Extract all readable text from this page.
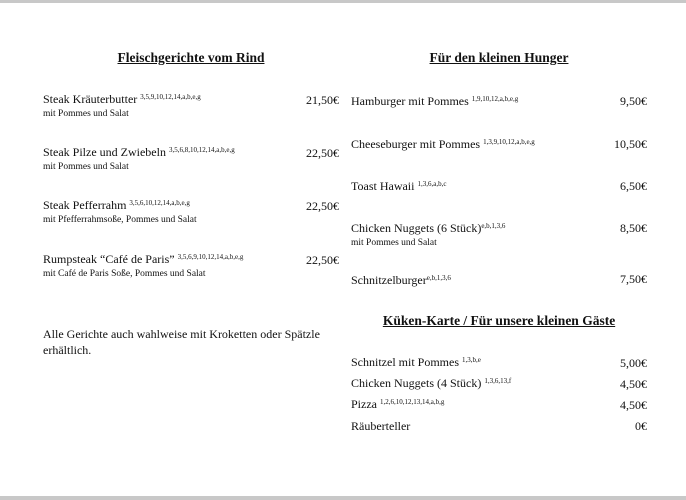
Fleischgerichte vom Rind
Steak Kräuterbutter $^{3,5,9,10,12,14,a,b,e,g}$
mit Pommes und Salat
21,50€
Steak Pilze und Zwiebeln $^{3,5,6,8,10,12,14,a,b,e,g}$
mit Pommes und Salat
22,50€
Steak Pefferrahm $^{3,5,6,10,12,14,a,b,e,g}$
mit Pfefferrahmsoße, Pommes und Salat
22,50€
Rumpsteak “Café de Paris” $^{3,5,6,9,10,12,14,a,b,e,g}$
mit Café de Paris Soße, Pommes und Salat
22,50€
Alle Gerichte auch wahlweise mit Kroketten oder Spätzle erhältlich.
Für den kleinen Hunger
Hamburger mit Pommes $^{1,9,10,12,a,b,e,g}$	9,50€
Cheeseburger mit Pommes $^{1,3,9,10,12,a,b,e,g}$	10,50€
Toast Hawaii $^{1,3,6,a,b,c}$	6,50€
Chicken Nuggets (6 Stück)$^{e,b,1,3,6}$
mit Pommes und Salat
8,50€
Schnitzelburger$^{e,b,1,3,6}$	7,50€
Küken-Karte / Für unsere kleinen Gäste
Schnitzel mit Pommes $^{1,3,b,e}$	5,00€
Chicken Nuggets (4 Stück) $^{1,3,6,13,f}$	4,50€
Pizza $^{1,2,6,10,12,13,14,a,b,g}$	4,50€
Räuberteller	0€
